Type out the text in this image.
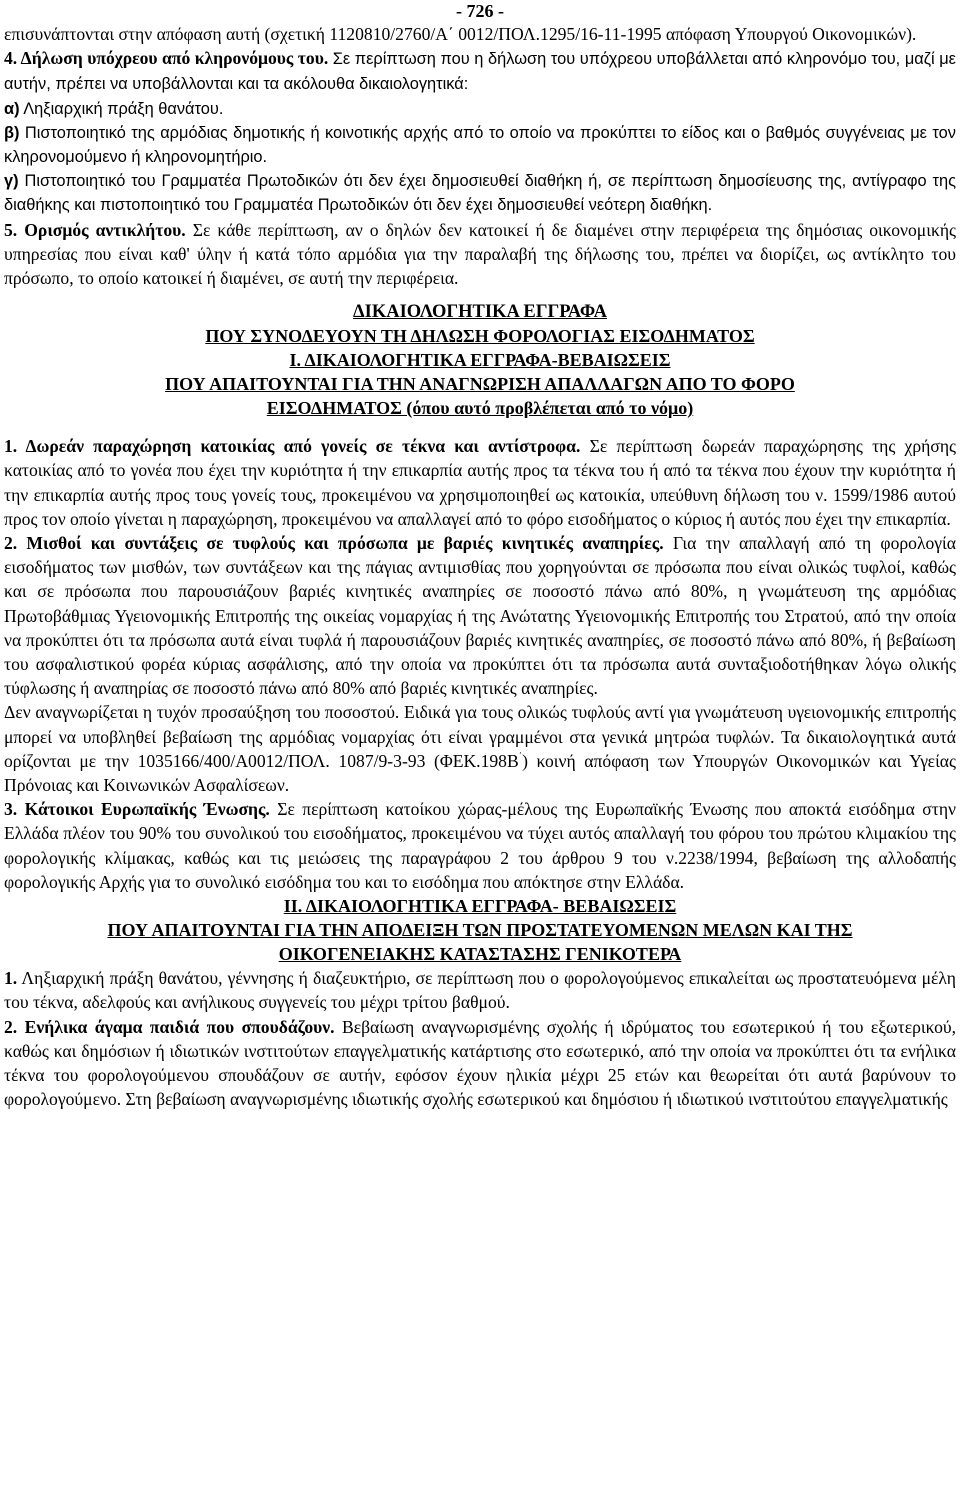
- 726 -

επισυνάπτονται στην απόφαση αυτή (σχετική 1120810/2760/Α΄ 0012/ΠΟΛ.1295/16-11-1995 απόφαση Υπουργού Οικονομικών).

4. Δήλωση υπόχρεου από κληρονόμους του. Σε περίπτωση που η δήλωση του υπόχρεου υποβάλλεται από κληρονόμο του, μαζί με αυτήν, πρέπει να υποβάλλονται και τα ακόλουθα δικαιολογητικά:

α) Ληξιαρχική πράξη θανάτου.

β) Πιστοποιητικό της αρμόδιας δημοτικής ή κοινοτικής αρχής από το οποίο να προκύπτει το είδος και ο βαθμός συγγένειας με τον κληρονομούμενο ή κληρονομητήριο.

γ) Πιστοποιητικό του Γραμματέα Πρωτοδικών ότι δεν έχει δημοσιευθεί διαθήκη ή, σε περίπτωση δημοσίευσης της, αντίγραφο της διαθήκης και πιστοποιητικό του Γραμματέα Πρωτοδικών ότι δεν έχει δημοσιευθεί νεότερη διαθήκη.

5. Ορισμός αντικλήτου. Σε κάθε περίπτωση, αν ο δηλών δεν κατοικεί ή δε διαμένει στην περιφέρεια της δημόσιας οικονομικής υπηρεσίας που είναι καθ' ύλην ή κατά τόπο αρμόδια για την παραλαβή της δήλωσης του, πρέπει να διορίζει, ως αντίκλητο του πρόσωπο, το οποίο κατοικεί ή διαμένει, σε αυτή την περιφέρεια.

ΔΙΚΑΙΟΛΟΓΗΤΙΚΑ ΕΓΓΡΑΦΑ

ΠΟΥ ΣΥΝΟΔΕΥΟΥΝ ΤΗ ΔΗΛΩΣΗ ΦΟΡΟΛΟΓΙΑΣ ΕΙΣΟΔΗΜΑΤΟΣ

Ι. ΔΙΚΑΙΟΛΟΓΗΤΙΚΑ ΕΓΓΡΑΦΑ-ΒΕΒΑΙΩΣΕΙΣ

ΠΟΥ ΑΠΑΙΤΟΥΝΤΑΙ ΓΙΑ ΤΗΝ ΑΝΑΓΝΩΡΙΣΗ ΑΠΑΛΛΑΓΩΝ ΑΠΟ ΤΟ ΦΟΡΟ

ΕΙΣΟΔΗΜΑΤΟΣ (όπου αυτό προβλέπεται από το νόμο)

1. Δωρεάν παραχώρηση κατοικίας από γονείς σε τέκνα και αντίστροφα. Σε περίπτωση δωρεάν παραχώρησης της χρήσης κατοικίας από το γονέα που έχει την κυριότητα ή την επικαρπία αυτής προς τα τέκνα του ή από τα τέκνα που έχουν την κυριότητα ή την επικαρπία αυτής προς τους γονείς τους, προκειμένου να χρησιμοποιηθεί ως κατοικία, υπεύθυνη δήλωση του ν. 1599/1986 αυτού προς τον οποίο γίνεται η παραχώρηση, προκειμένου να απαλλαγεί από το φόρο εισοδήματος ο κύριος ή αυτός που έχει την επικαρπία.

2. Μισθοί και συντάξεις σε τυφλούς και πρόσωπα με βαριές κινητικές αναπηρίες. Για την απαλλαγή από τη φορολογία εισοδήματος των μισθών, των συντάξεων και της πάγιας αντιμισθίας που χορηγούνται σε πρόσωπα που είναι ολικώς τυφλοί, καθώς και σε πρόσωπα που παρουσιάζουν βαριές κινητικές αναπηρίες σε ποσοστό πάνω από 80%, η γνωμάτευση της αρμόδιας Πρωτοβάθμιας Υγειονομικής Επιτροπής της οικείας νομαρχίας ή της Ανώτατης Υγειονομικής Επιτροπής του Στρατού, από την οποία να προκύπτει ότι τα πρόσωπα αυτά είναι τυφλά ή παρουσιάζουν βαριές κινητικές αναπηρίες, σε ποσοστό πάνω από 80%, ή βεβαίωση του ασφαλιστικού φορέα κύριας ασφάλισης, από την οποία να προκύπτει ότι τα πρόσωπα αυτά συνταξιοδοτήθηκαν λόγω ολικής τύφλωσης ή αναπηρίας σε ποσοστό πάνω από 80% από βαριές κινητικές αναπηρίες.

Δεν αναγνωρίζεται η τυχόν προσαύξηση του ποσοστού. Ειδικά για τους ολικώς τυφλούς αντί για γνωμάτευση υγειονομικής επιτροπής μπορεί να υποβληθεί βεβαίωση της αρμόδιας νομαρχίας ότι είναι γραμμένοι στα γενικά μητρώα τυφλών. Τα δικαιολογητικά αυτά ορίζονται με την 1035166/400/Α0012/ΠΟΛ. 1087/9-3-93 (ΦΕΚ.198Β΄) κοινή απόφαση των Υπουργών Οικονομικών και Υγείας Πρόνοιας και Κοινωνικών Ασφαλίσεων.

3. Κάτοικοι Ευρωπαϊκής Ένωσης. Σε περίπτωση κατοίκου χώρας-μέλους της Ευρωπαϊκής Ένωσης που αποκτά εισόδημα στην Ελλάδα πλέον του 90% του συνολικού του εισοδήματος, προκειμένου να τύχει αυτός απαλλαγή του φόρου του πρώτου κλιμακίου της φορολογικής κλίμακας, καθώς και τις μειώσεις της παραγράφου 2 του άρθρου 9 του ν.2238/1994, βεβαίωση της αλλοδαπής φορολογικής Αρχής για το συνολικό εισόδημα του και το εισόδημα που απόκτησε στην Ελλάδα.

ΙΙ. ΔΙΚΑΙΟΛΟΓΗΤΙΚΑ ΕΓΓΡΑΦΑ- ΒΕΒΑΙΩΣΕΙΣ

ΠΟΥ ΑΠΑΙΤΟΥΝΤΑΙ ΓΙΑ ΤΗΝ ΑΠΟΔΕΙΞΗ ΤΩΝ ΠΡΟΣΤΑΤΕΥΟΜΕΝΩΝ ΜΕΛΩΝ ΚΑΙ ΤΗΣ

ΟΙΚΟΓΕΝΕΙΑΚΗΣ ΚΑΤΑΣΤΑΣΗΣ ΓΕΝΙΚΟΤΕΡΑ

1. Ληξιαρχική πράξη θανάτου, γέννησης ή διαζευκτήριο, σε περίπτωση που ο φορολογούμενος επικαλείται ως προστατευόμενα μέλη του τέκνα, αδελφούς και ανήλικους συγγενείς του μέχρι τρίτου βαθμού.

2. Ενήλικα άγαμα παιδιά που σπουδάζουν. Βεβαίωση αναγνωρισμένης σχολής ή ιδρύματος του εσωτερικού ή του εξωτερικού, καθώς και δημόσιων ή ιδιωτικών ινστιτούτων επαγγελματικής κατάρτισης στο εσωτερικό, από την οποία να προκύπτει ότι τα ενήλικα τέκνα του φορολογούμενου σπουδάζουν σε αυτήν, εφόσον έχουν ηλικία μέχρι 25 ετών και θεωρείται ότι αυτά βαρύνουν το φορολογούμενο. Στη βεβαίωση αναγνωρισμένης ιδιωτικής σχολής εσωτερικού και δημόσιου ή ιδιωτικού ινστιτούτου επαγγελματικής
